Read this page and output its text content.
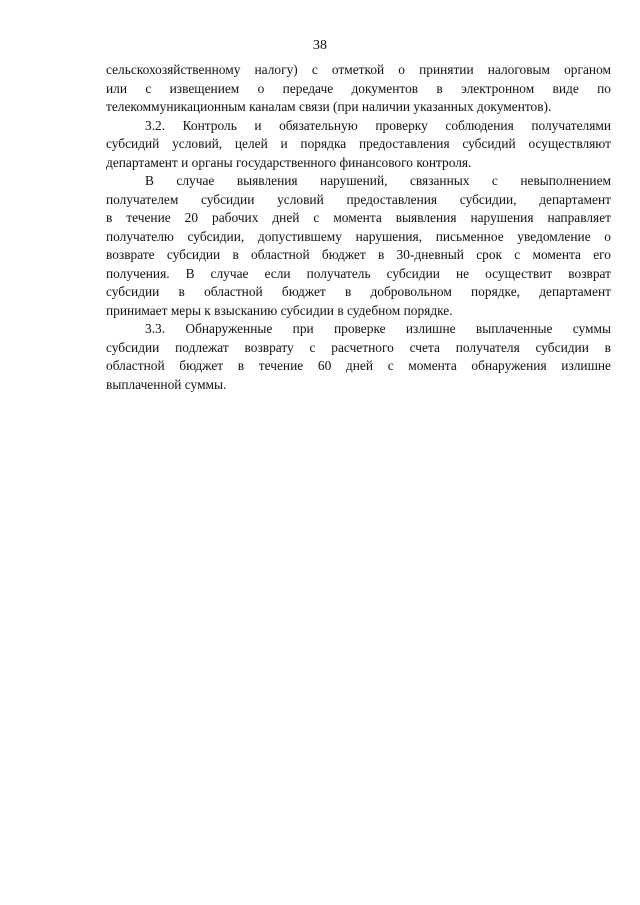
38
сельскохозяйственному налогу) с отметкой о принятии налоговым органом
или с извещением о передаче документов в электронном виде по
телекоммуникационным каналам связи (при наличии указанных документов).
3.2. Контроль и обязательную проверку соблюдения получателями
субсидий условий, целей и порядка предоставления субсидий осуществляют
департамент и органы государственного финансового контроля.
В случае выявления нарушений, связанных с невыполнением
получателем субсидии условий предоставления субсидии, департамент
в течение 20 рабочих дней с момента выявления нарушения направляет
получателю субсидии, допустившему нарушения, письменное уведомление о
возврате субсидии в областной бюджет в 30-дневный срок с момента его
получения. В случае если получатель субсидии не осуществит возврат
субсидии в областной бюджет в добровольном порядке, департамент
принимает меры к взысканию субсидии в судебном порядке.
3.3. Обнаруженные при проверке излишне выплаченные суммы
субсидии подлежат возврату с расчетного счета получателя субсидии в
областной бюджет в течение 60 дней с момента обнаружения излишне
выплаченной суммы.
